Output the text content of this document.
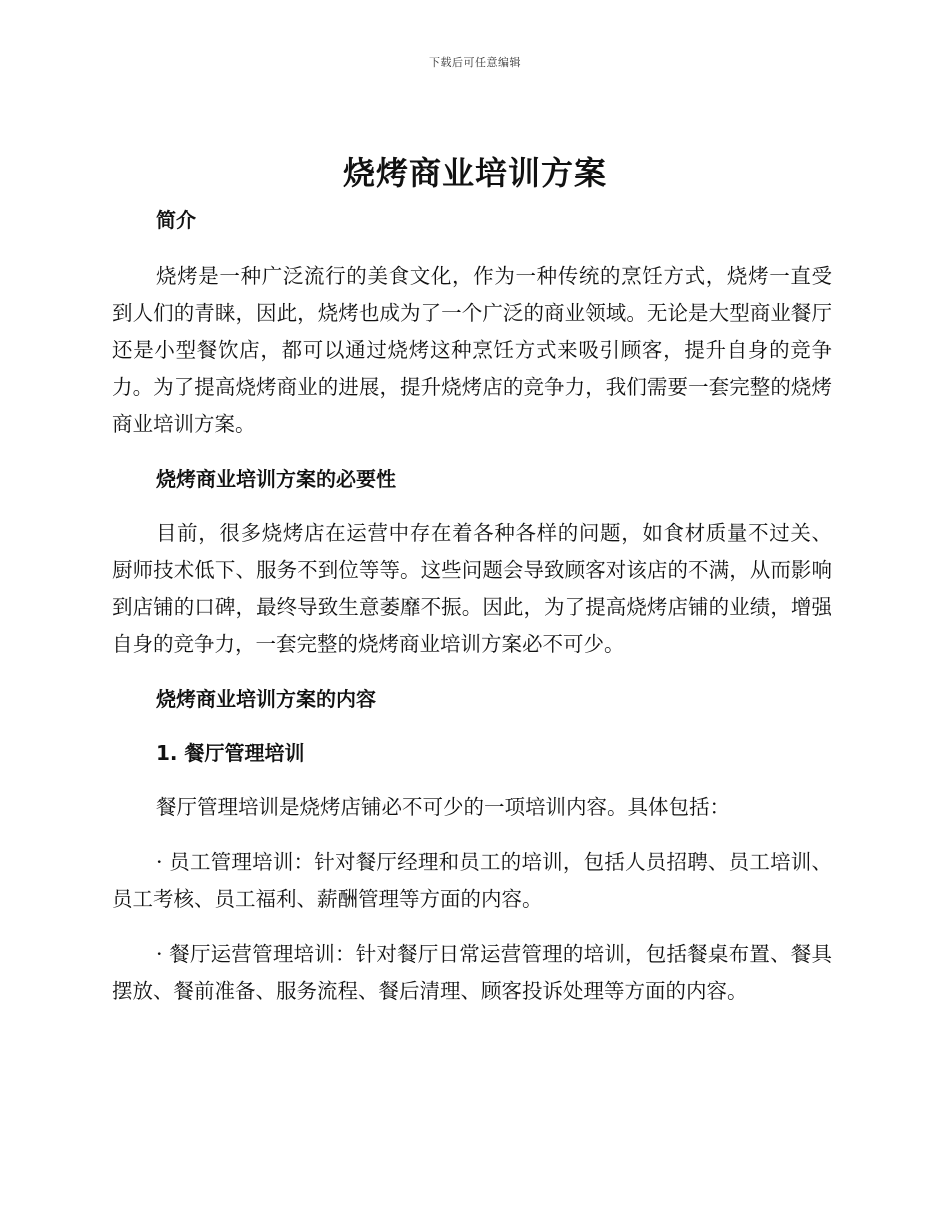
下载后可任意编辑
烧烤商业培训方案

简介

烧烤是一种广泛流行的美食文化，作为一种传统的烹饪方式，烧烤一直受到人们的青睐，因此，烧烤也成为了一个广泛的商业领域。无论是大型商业餐厅还是小型餐饮店，都可以通过烧烤这种烹饪方式来吸引顾客，提升自身的竞争力。为了提高烧烤商业的进展，提升烧烤店的竞争力，我们需要一套完整的烧烤商业培训方案。

烧烤商业培训方案的必要性

目前，很多烧烤店在运营中存在着各种各样的问题，如食材质量不过关、厨师技术低下、服务不到位等等。这些问题会导致顾客对该店的不满，从而影响到店铺的口碑，最终导致生意萎靡不振。因此，为了提高烧烤店铺的业绩，增强自身的竞争力，一套完整的烧烤商业培训方案必不可少。

烧烤商业培训方案的内容

1. 餐厅管理培训

餐厅管理培训是烧烤店铺必不可少的一项培训内容。具体包括：

· 员工管理培训：针对餐厅经理和员工的培训，包括人员招聘、员工培训、员工考核、员工福利、薪酬管理等方面的内容。

· 餐厅运营管理培训：针对餐厅日常运营管理的培训，包括餐桌布置、餐具摆放、餐前准备、服务流程、餐后清理、顾客投诉处理等方面的内容。
